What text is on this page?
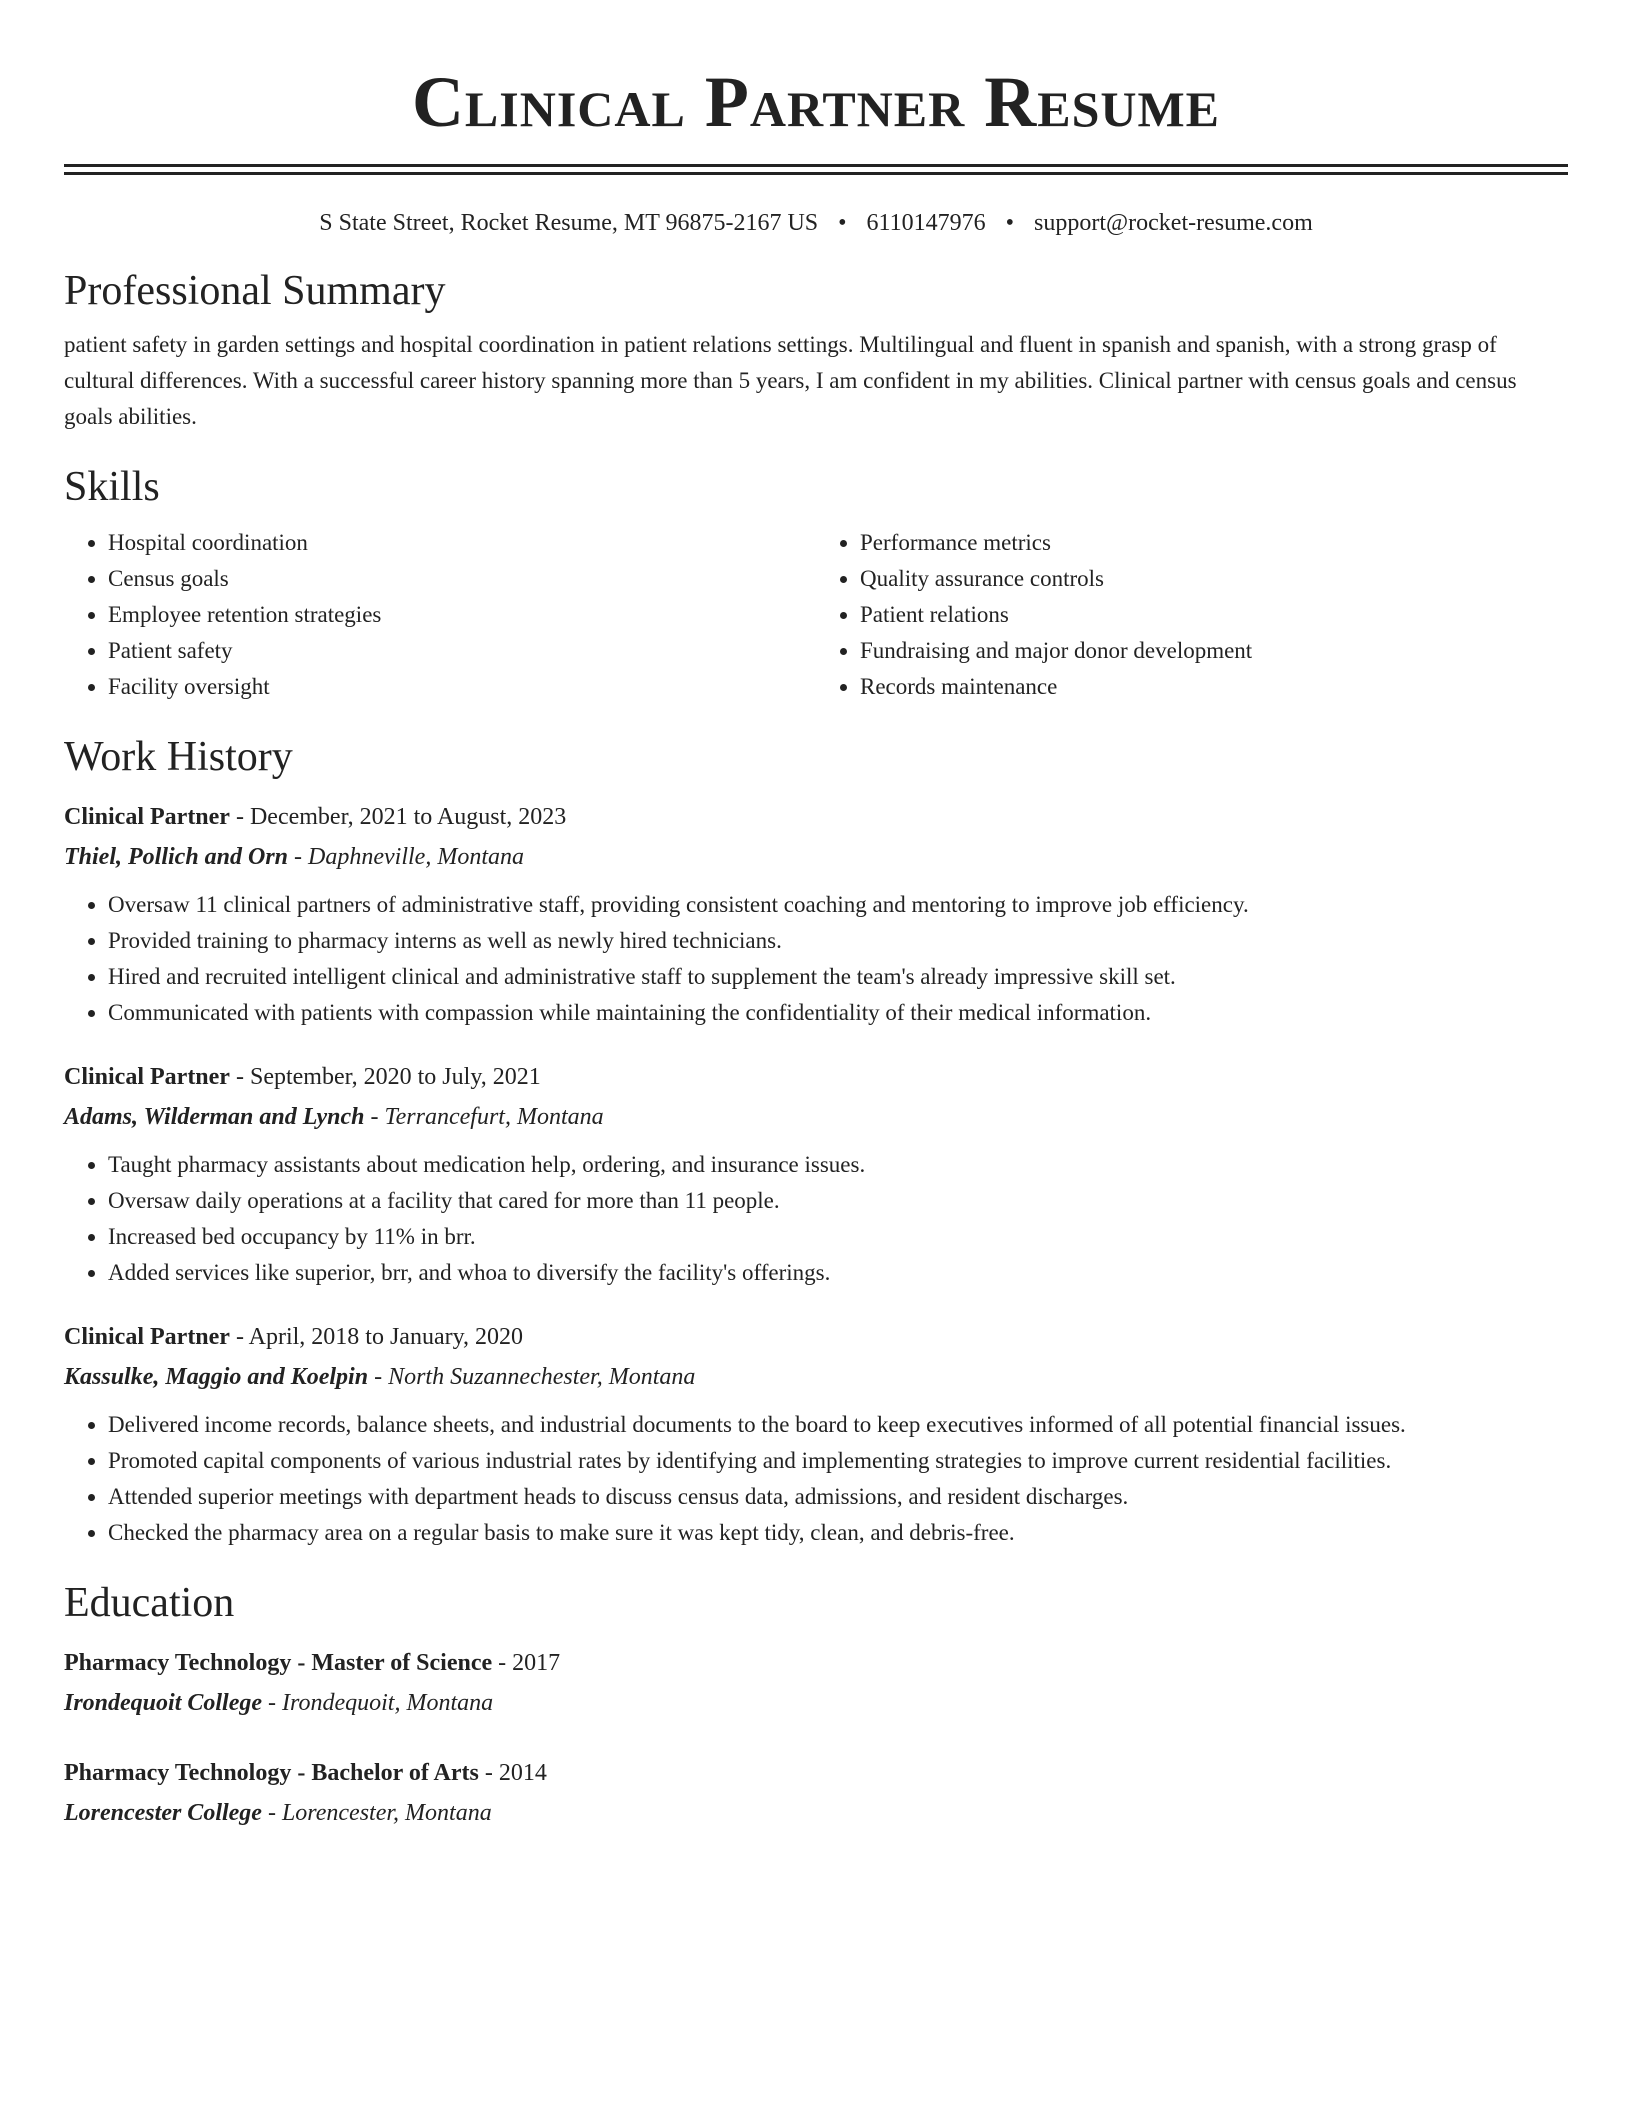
Clinical Partner Resume
S State Street, Rocket Resume, MT 96875-2167 US • 6110147976 • support@rocket-resume.com
Professional Summary

patient safety in garden settings and hospital coordination in patient relations settings. Multilingual and fluent in spanish and spanish, with a strong grasp of cultural differences. With a successful career history spanning more than 5 years, I am confident in my abilities. Clinical partner with census goals and census goals abilities.

Skills
• Hospital coordination
• Census goals
• Employee retention strategies
• Patient safety
• Facility oversight
• Performance metrics
• Quality assurance controls
• Patient relations
• Fundraising and major donor development
• Records maintenance
Work History
Clinical Partner - December, 2021 to August, 2023
Thiel, Pollich and Orn - Daphneville, Montana
• Oversaw 11 clinical partners of administrative staff, providing consistent coaching and mentoring to improve job efficiency.
• Provided training to pharmacy interns as well as newly hired technicians.
• Hired and recruited intelligent clinical and administrative staff to supplement the team's already impressive skill set.
• Communicated with patients with compassion while maintaining the confidentiality of their medical information.
Clinical Partner - September, 2020 to July, 2021
Adams, Wilderman and Lynch - Terrancefurt, Montana
• Taught pharmacy assistants about medication help, ordering, and insurance issues.
• Oversaw daily operations at a facility that cared for more than 11 people.
• Increased bed occupancy by 11% in brr.
• Added services like superior, brr, and whoa to diversify the facility's offerings.
Clinical Partner - April, 2018 to January, 2020
Kassulke, Maggio and Koelpin - North Suzannechester, Montana
• Delivered income records, balance sheets, and industrial documents to the board to keep executives informed of all potential financial issues.
• Promoted capital components of various industrial rates by identifying and implementing strategies to improve current residential facilities.
• Attended superior meetings with department heads to discuss census data, admissions, and resident discharges.
• Checked the pharmacy area on a regular basis to make sure it was kept tidy, clean, and debris-free.
Education
Pharmacy Technology - Master of Science - 2017
Irondequoit College - Irondequoit, Montana
Pharmacy Technology - Bachelor of Arts - 2014
Lorencester College - Lorencester, Montana
